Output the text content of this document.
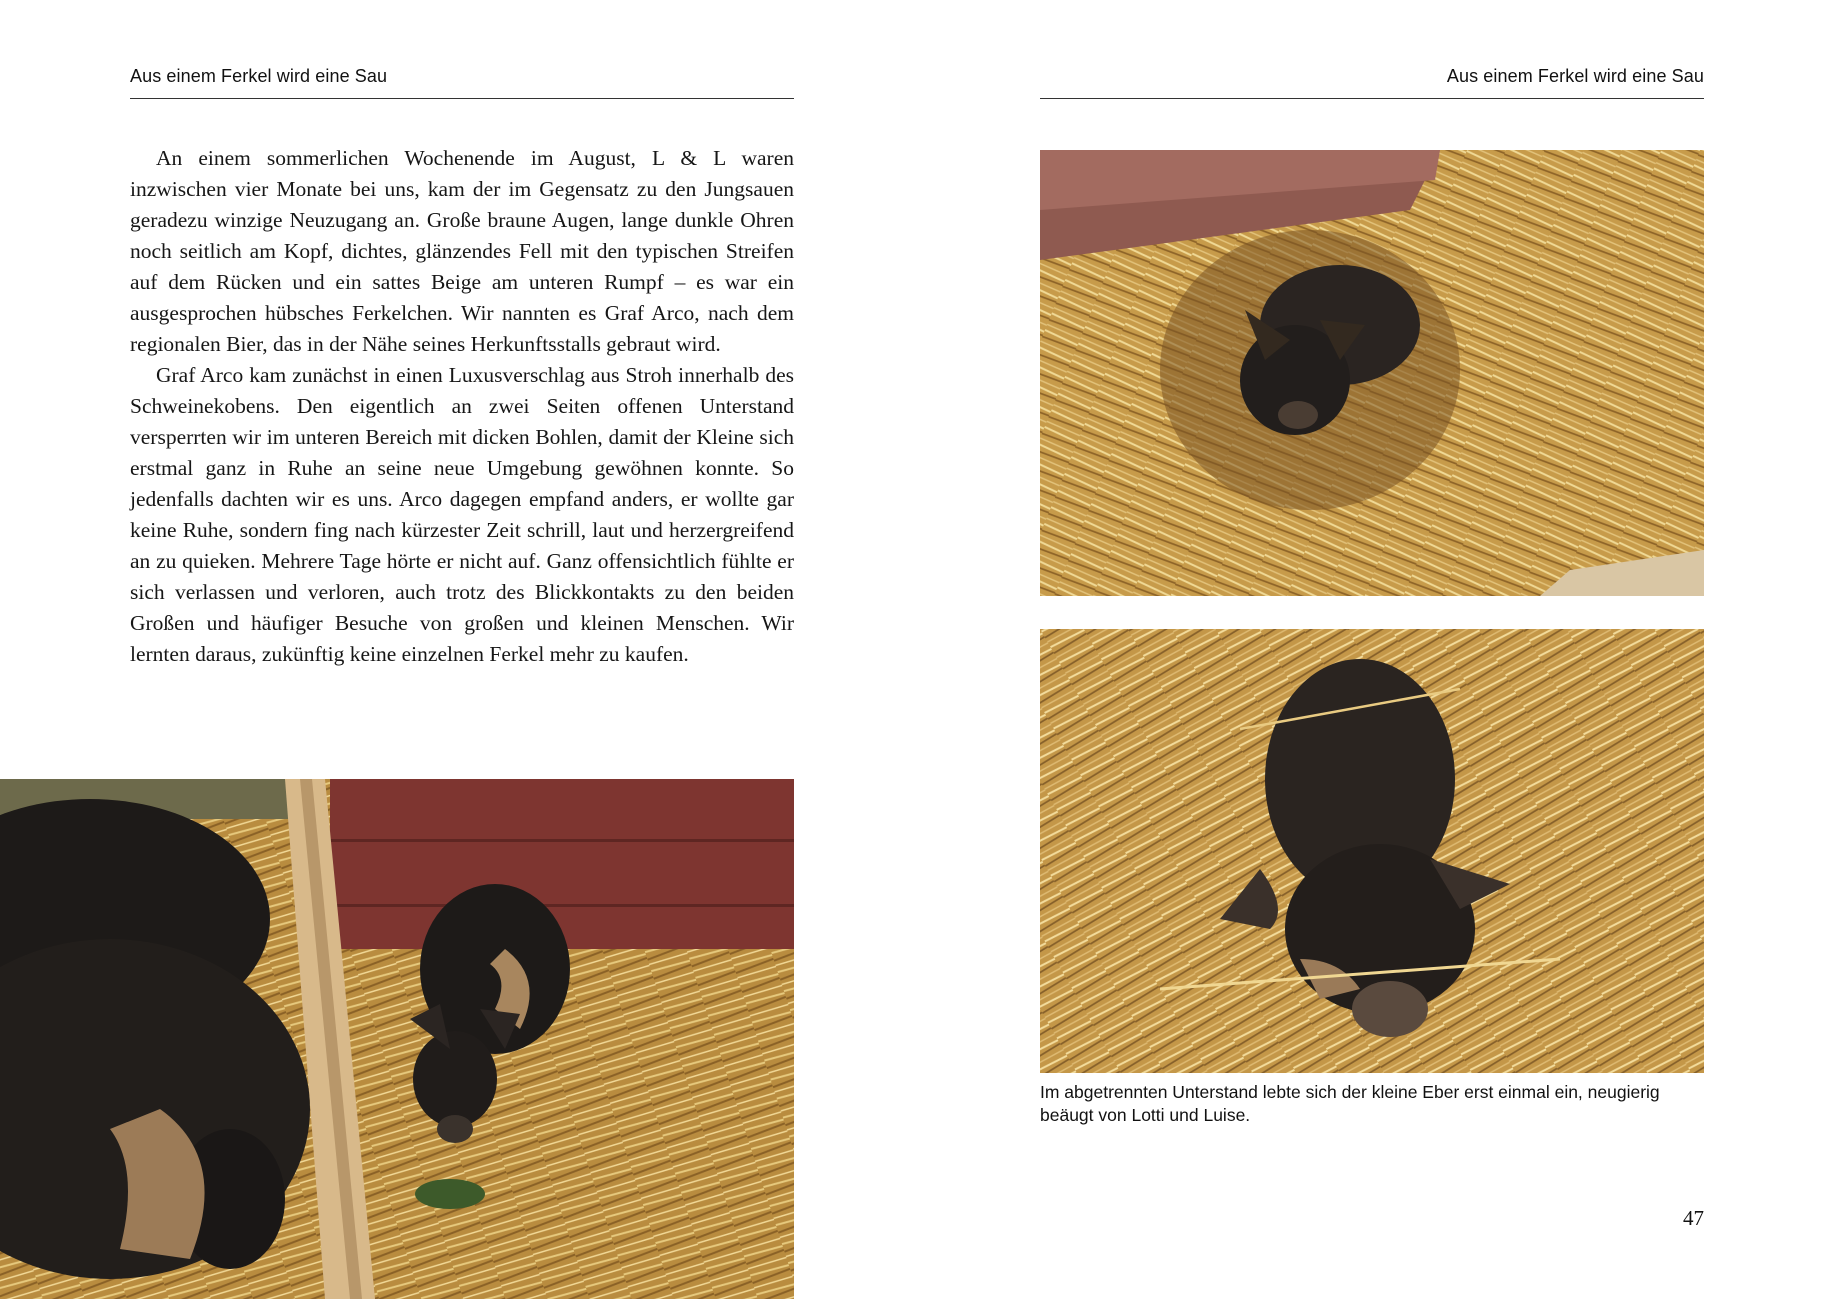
Aus einem Ferkel wird eine Sau

An einem sommerlichen Wochenende im August, L & L waren inzwischen vier Monate bei uns, kam der im Gegensatz zu den Jungsauen geradezu winzige Neuzugang an. Große braune Augen, lange dunkle Ohren noch seitlich am Kopf, dichtes, glänzendes Fell mit den typischen Streifen auf dem Rücken und ein sattes Beige am unteren Rumpf – es war ein ausgesprochen hübsches Ferkelchen. Wir nannten es Graf Arco, nach dem regionalen Bier, das in der Nähe seines Herkunftsstalls gebraut wird.

Graf Arco kam zunächst in einen Luxusverschlag aus Stroh innerhalb des Schweinekobens. Den eigentlich an zwei Seiten offenen Unterstand versperrten wir im unteren Bereich mit dicken Bohlen, damit der Kleine sich erstmal ganz in Ruhe an seine neue Umgebung gewöhnen konnte. So jedenfalls dachten wir es uns. Arco dagegen empfand anders, er wollte gar keine Ruhe, sondern fing nach kürzester Zeit schrill, laut und herzergreifend an zu quieken. Mehrere Tage hörte er nicht auf. Ganz offensichtlich fühlte er sich verlassen und verloren, auch trotz des Blickkontakts zu den beiden Großen und häufiger Besuche von großen und kleinen Menschen. Wir lernten daraus, zukünftig keine einzelnen Ferkel mehr zu kaufen.

Aus einem Ferkel wird eine Sau
Im abgetrennten Unterstand lebte sich der kleine Eber erst einmal ein, neugierig beäugt von Lotti und Luise.
47
